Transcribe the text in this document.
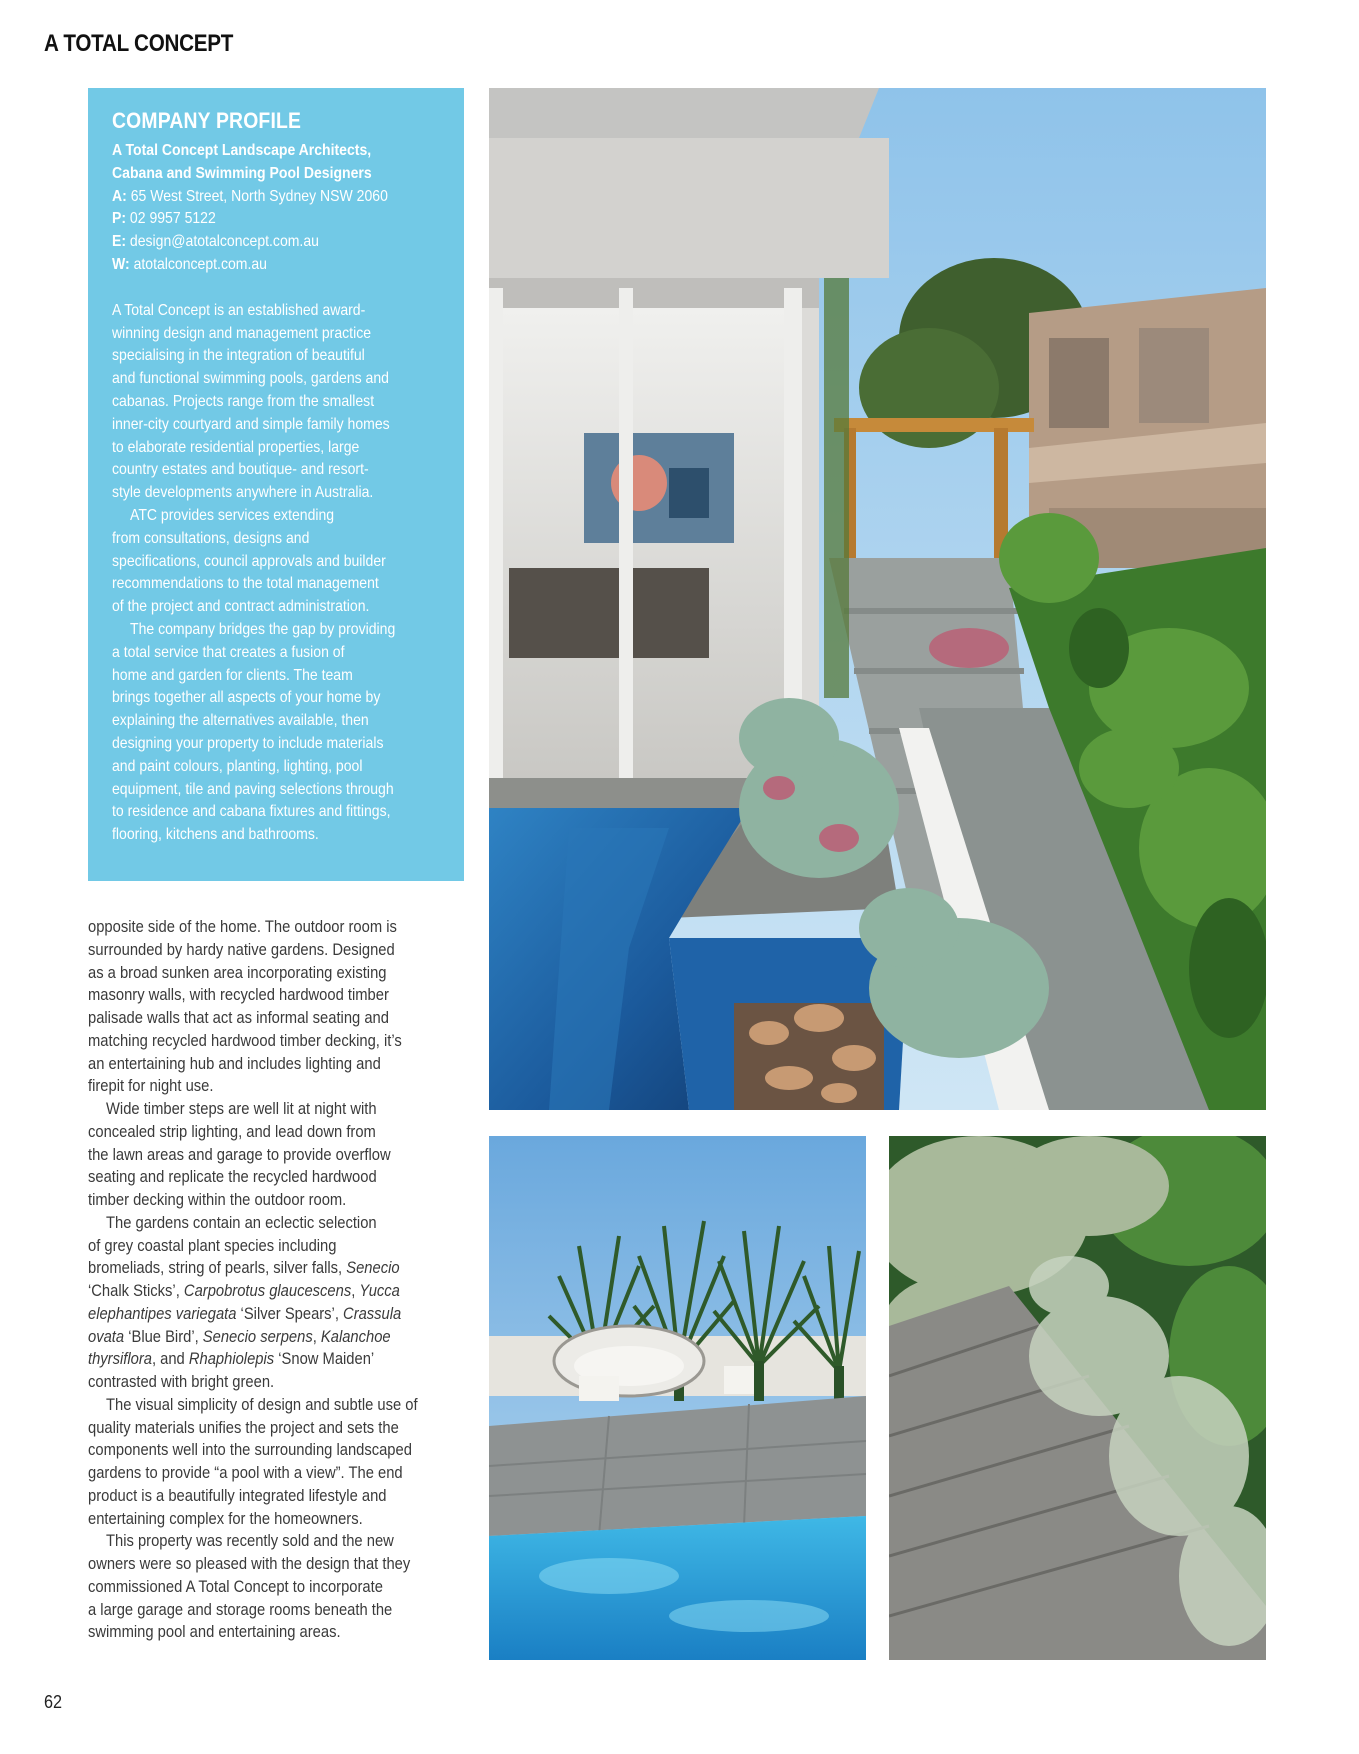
A TOTAL CONCEPT
COMPANY PROFILE
A Total Concept Landscape Architects,
Cabana and Swimming Pool Designers
A: 65 West Street, North Sydney NSW 2060
P: 02 9957 5122
E: design@atotalconcept.com.au
W: atotalconcept.com.au
A Total Concept is an established award-
winning design and management practice
specialising in the integration of beautiful
and functional swimming pools, gardens and
cabanas. Projects range from the smallest
inner-city courtyard and simple family homes
to elaborate residential properties, large
country estates and boutique- and resort-
style developments anywhere in Australia.
ATC provides services extending
from consultations, designs and
specifications, council approvals and builder
recommendations to the total management
of the project and contract administration.
The company bridges the gap by providing
a total service that creates a fusion of
home and garden for clients. The team
brings together all aspects of your home by
explaining the alternatives available, then
designing your property to include materials
and paint colours, planting, lighting, pool
equipment, tile and paving selections through
to residence and cabana fixtures and fittings,
flooring, kitchens and bathrooms.
opposite side of the home. The outdoor room is
surrounded by hardy native gardens. Designed
as a broad sunken area incorporating existing
masonry walls, with recycled hardwood timber
palisade walls that act as informal seating and
matching recycled hardwood timber decking, it’s
an entertaining hub and includes lighting and
firepit for night use.
Wide timber steps are well lit at night with
concealed strip lighting, and lead down from
the lawn areas and garage to provide overflow
seating and replicate the recycled hardwood
timber decking within the outdoor room.
The gardens contain an eclectic selection
of grey coastal plant species including
bromeliads, string of pearls, silver falls, Senecio
‘Chalk Sticks’, Carpobrotus glaucescens, Yucca
elephantipes variegata ‘Silver Spears’, Crassula
ovata ‘Blue Bird’, Senecio serpens, Kalanchoe
thyrsiflora, and Rhaphiolepis ‘Snow Maiden’
contrasted with bright green.
The visual simplicity of design and subtle use of
quality materials unifies the project and sets the
components well into the surrounding landscaped
gardens to provide “a pool with a view”. The end
product is a beautifully integrated lifestyle and
entertaining complex for the homeowners.
This property was recently sold and the new
owners were so pleased with the design that they
commissioned A Total Concept to incorporate
a large garage and storage rooms beneath the
swimming pool and entertaining areas.
62
